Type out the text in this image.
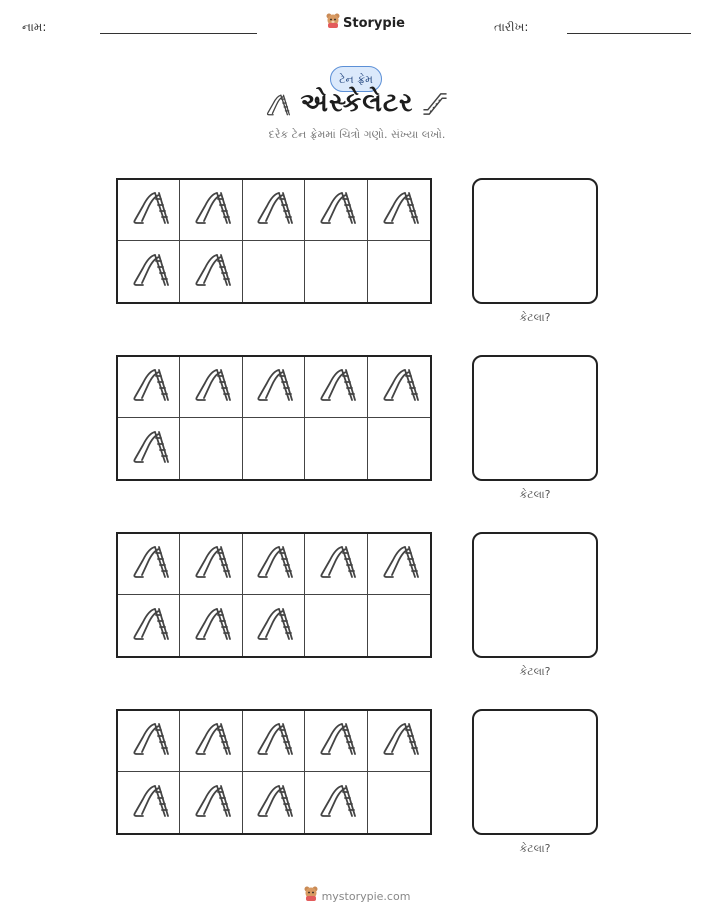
નામ:	Storypie	તારીખ:
ટેન ફ્રેમ
એસ્કેલેટર
દરેક ટેન ફ્રેમમાં ચિત્રો ગણો. સંખ્યા લખો.
કેટલા?
કેટલા?
કેટલા?
કેટલા?
mystorypie.com
